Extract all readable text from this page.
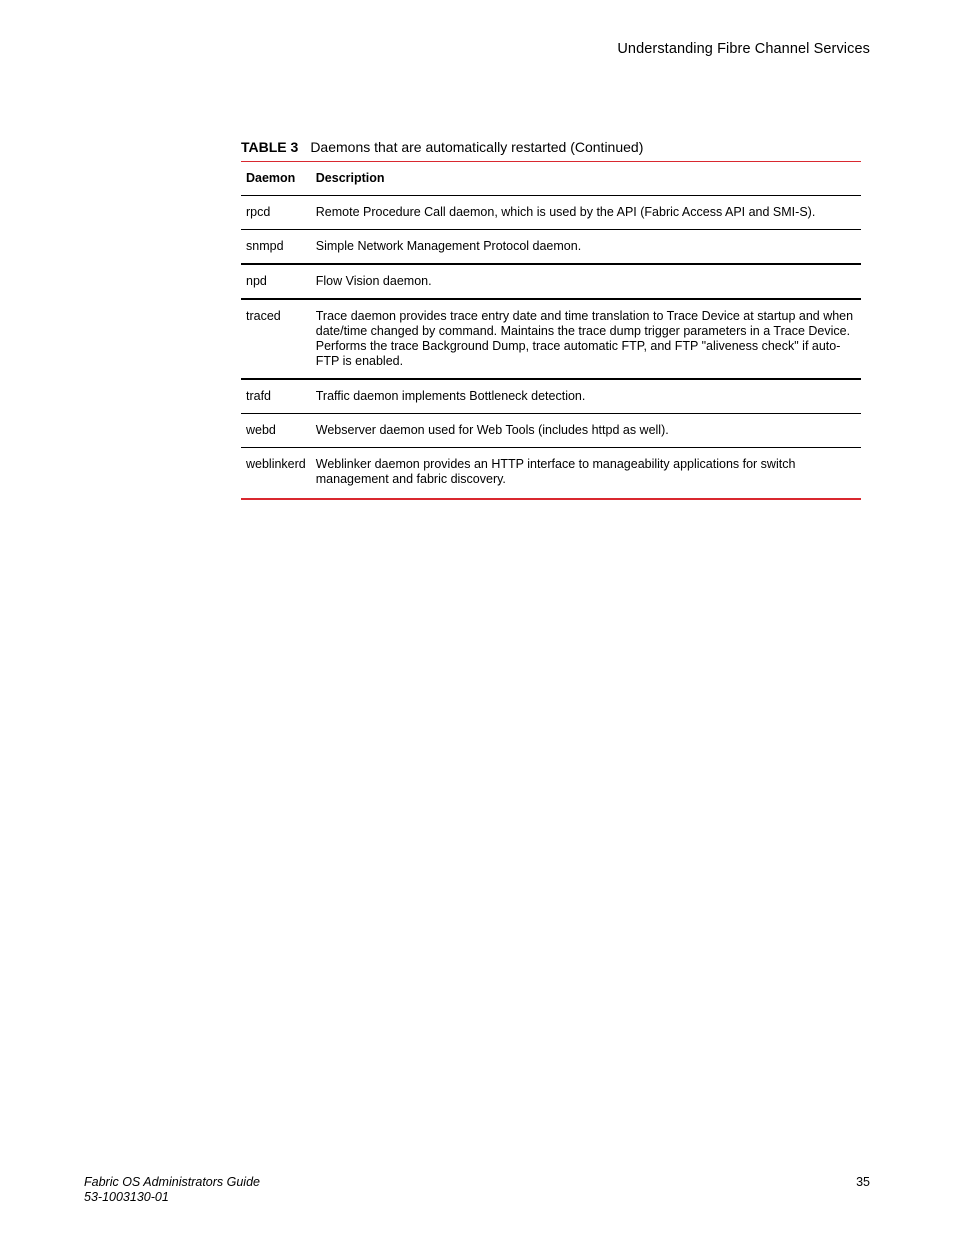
Understanding Fibre Channel Services
TABLE 3 Daemons that are automatically restarted (Continued)
Daemon	Description
rpcd	Remote Procedure Call daemon, which is used by the API (Fabric Access API and SMI-S).
snmpd	Simple Network Management Protocol daemon.
npd	Flow Vision daemon.
traced	Trace daemon provides trace entry date and time translation to Trace Device at startup and when date/time changed by command. Maintains the trace dump trigger parameters in a Trace Device. Performs the trace Background Dump, trace automatic FTP, and FTP "aliveness check" if auto-FTP is enabled.
trafd	Traffic daemon implements Bottleneck detection.
webd	Webserver daemon used for Web Tools (includes httpd as well).
weblinkerd	Weblinker daemon provides an HTTP interface to manageability applications for switch management and fabric discovery.
Fabric OS Administrators Guide
53-1003130-01
35
